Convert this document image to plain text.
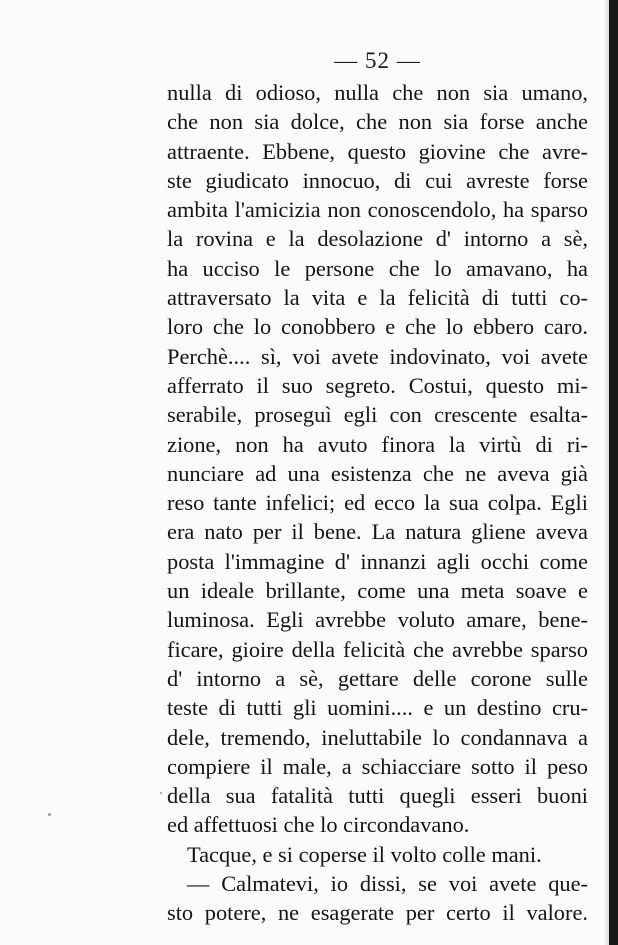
— 52 —
nulla di odioso, nulla che non sia umano,
che non sia dolce, che non sia forse anche
attraente. Ebbene, questo giovine che avre-
ste giudicato innocuo, di cui avreste forse
ambita l'amicizia non conoscendolo, ha sparso
la rovina e la desolazione d' intorno a sè,
ha ucciso le persone che lo amavano, ha
attraversato la vita e la felicità di tutti co-
loro che lo conobbero e che lo ebbero caro.
Perchè.... sì, voi avete indovinato, voi avete
afferrato il suo segreto. Costui, questo mi-
serabile, proseguì egli con crescente esalta-
zione, non ha avuto finora la virtù di ri-
nunciare ad una esistenza che ne aveva già
reso tante infelici; ed ecco la sua colpa. Egli
era nato per il bene. La natura gliene aveva
posta l'immagine d' innanzi agli occhi come
un ideale brillante, come una meta soave e
luminosa. Egli avrebbe voluto amare, bene-
ficare, gioire della felicità che avrebbe sparso
d' intorno a sè, gettare delle corone sulle
teste di tutti gli uomini.... e un destino cru-
dele, tremendo, ineluttabile lo condannava a
compiere il male, a schiacciare sotto il peso
della sua fatalità tutti quegli esseri buoni
ed affettuosi che lo circondavano.
Tacque, e si coperse il volto colle mani.
— Calmatevi, io dissi, se voi avete que-
sto potere, ne esagerate per certo il valore.
